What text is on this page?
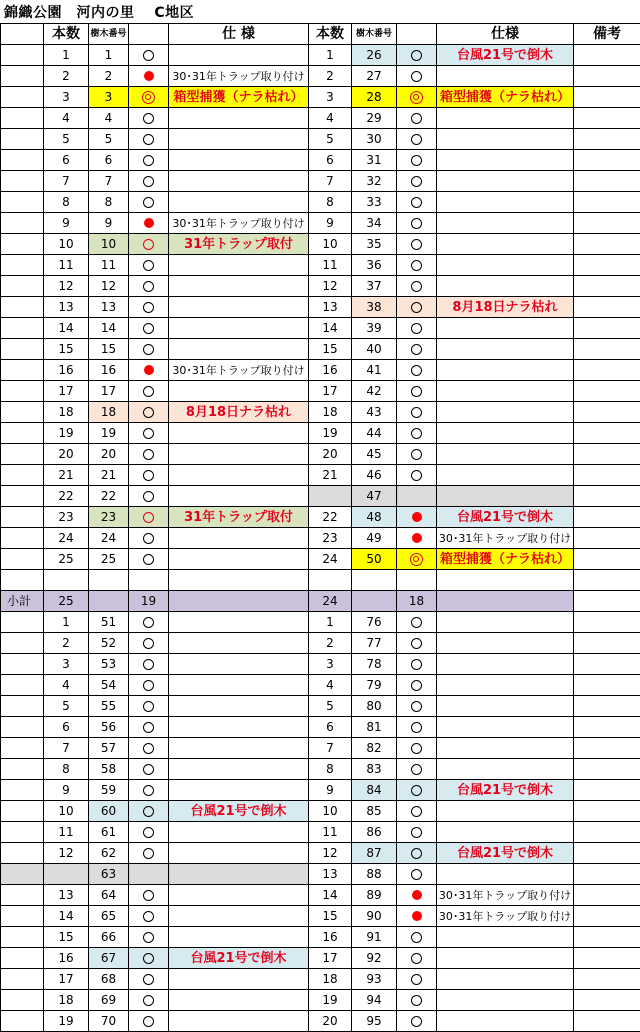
錦織公園　河内の里　 C地区
	本数	樹木番号		仕 様	本数	樹木番号		仕様	備考
	1	1			1	26		台風21号で倒木	
	2	2		30･31年トラップ取り付け	2	27			
	3	3		箱型捕獲（ナラ枯れ）	3	28		箱型捕獲（ナラ枯れ）	
	4	4			4	29			
	5	5			5	30			
	6	6			6	31			
	7	7			7	32			
	8	8			8	33			
	9	9		30･31年トラップ取り付け	9	34			
	10	10		31年トラップ取付	10	35			
	11	11			11	36			
	12	12			12	37			
	13	13			13	38		8月18日ナラ枯れ	
	14	14			14	39			
	15	15			15	40			
	16	16		30･31年トラップ取り付け	16	41			
	17	17			17	42			
	18	18		8月18日ナラ枯れ	18	43			
	19	19			19	44			
	20	20			20	45			
	21	21			21	46			
	22	22				47			
	23	23		31年トラップ取付	22	48		台風21号で倒木	
	24	24			23	49		30･31年トラップ取り付け	
	25	25			24	50		箱型捕獲（ナラ枯れ）	

小計	25		19		24		18		
	1	51			1	76			
	2	52			2	77			
	3	53			3	78			
	4	54			4	79			
	5	55			5	80			
	6	56			6	81			
	7	57			7	82			
	8	58			8	83			
	9	59			9	84		台風21号で倒木	
	10	60		台風21号で倒木	10	85			
	11	61			11	86			
	12	62			12	87		台風21号で倒木	
		63			13	88			
	13	64			14	89		30･31年トラップ取り付け	
	14	65			15	90		30･31年トラップ取り付け	
	15	66			16	91			
	16	67		台風21号で倒木	17	92			
	17	68			18	93			
	18	69			19	94			
	19	70			20	95			
